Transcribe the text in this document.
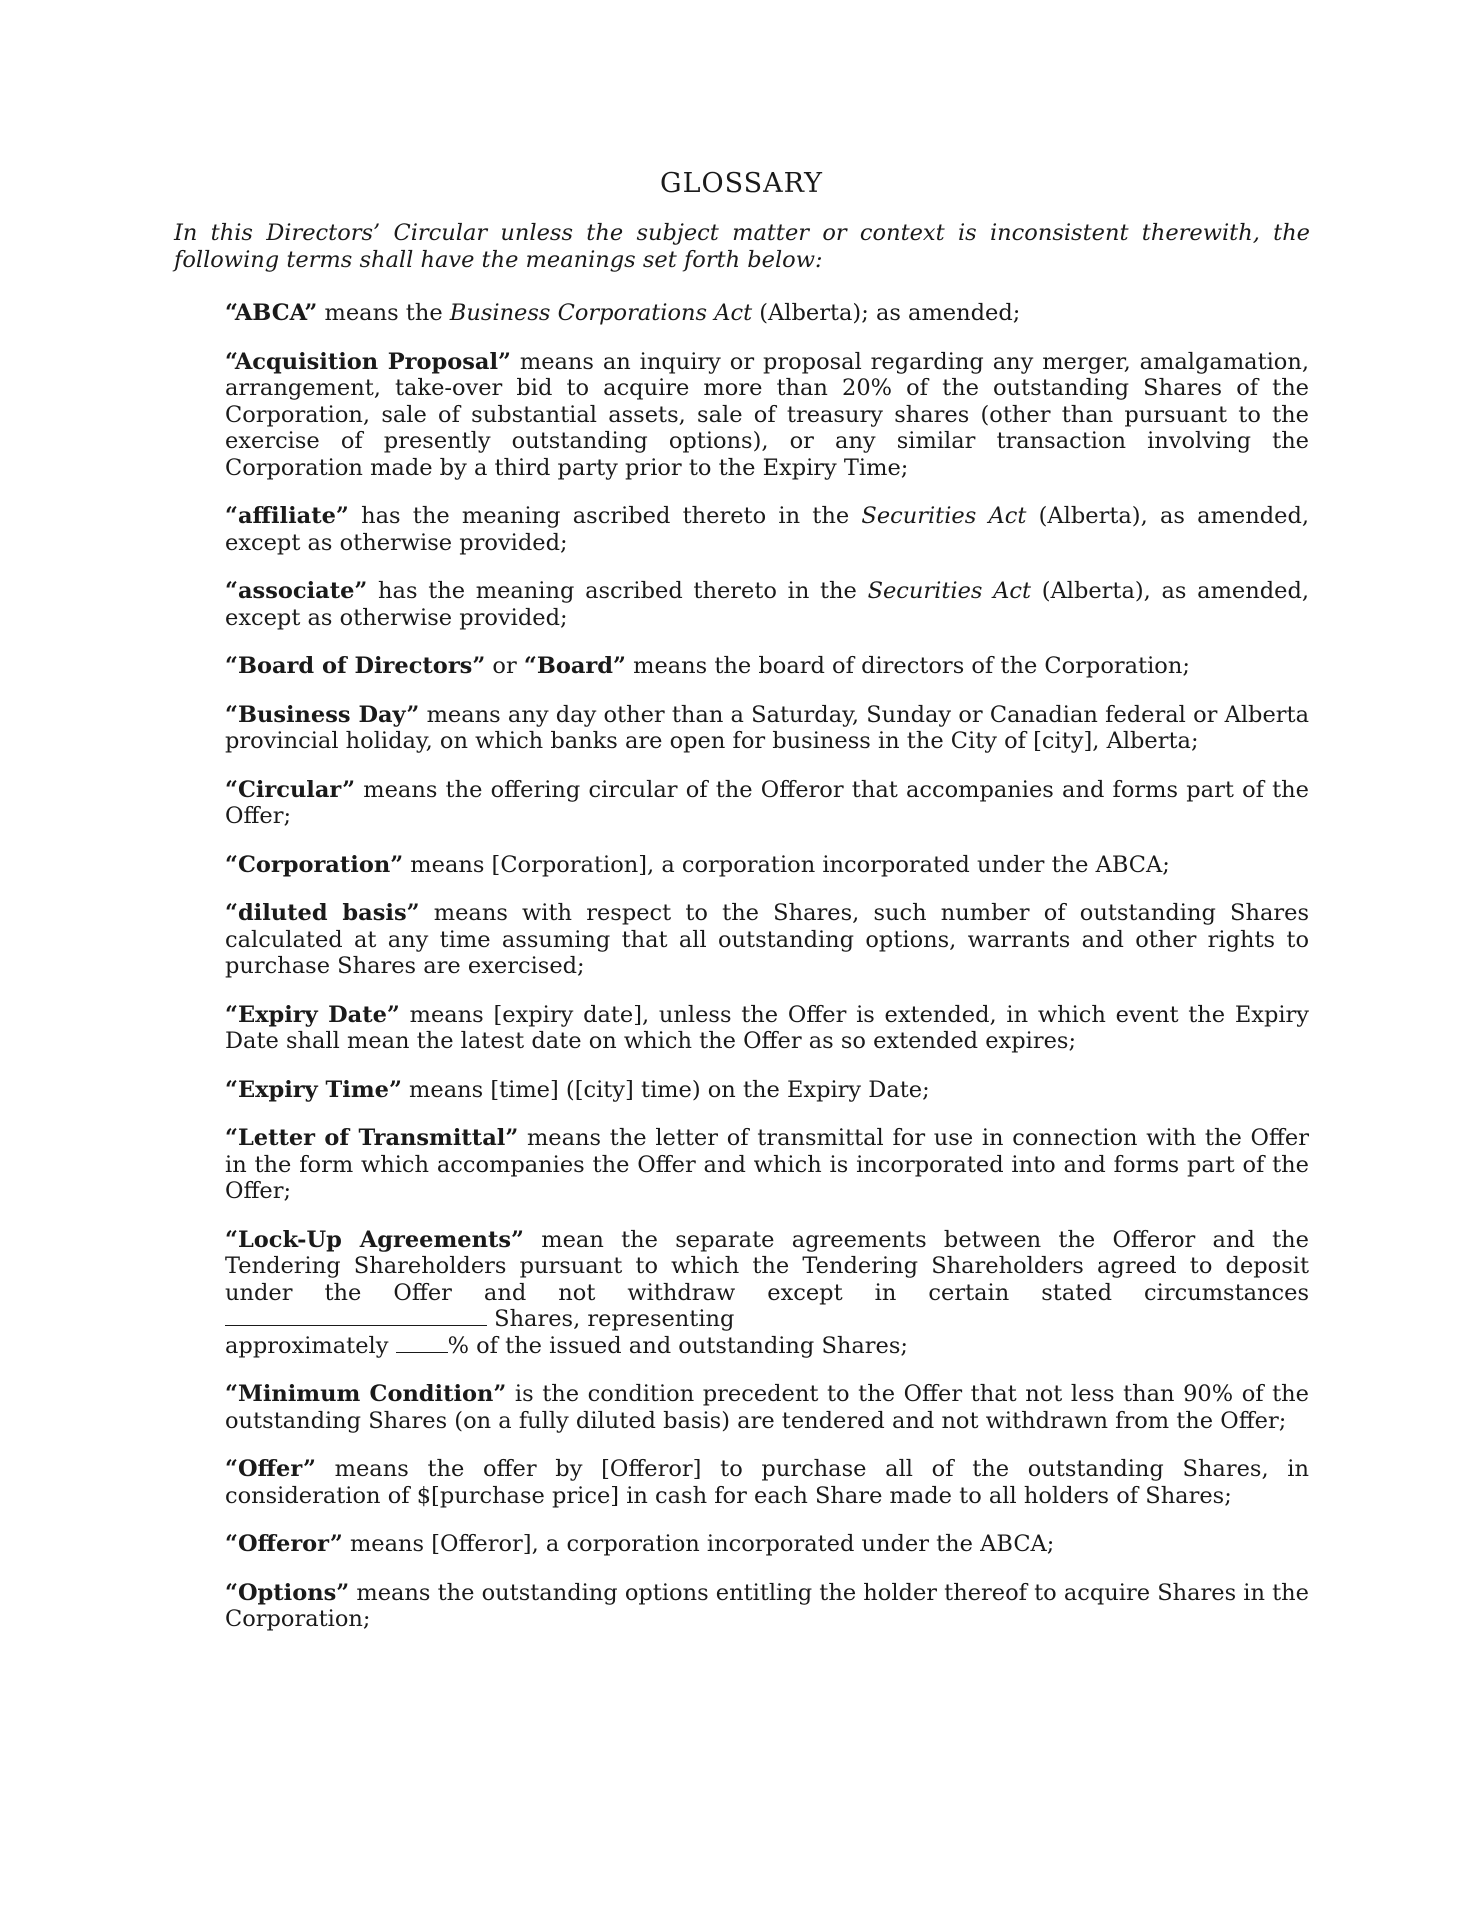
GLOSSARY
In this Directors’ Circular unless the subject matter or context is inconsistent therewith, the following terms shall have the meanings set forth below:

“ABCA” means the Business Corporations Act (Alberta); as amended;

“Acquisition Proposal” means an inquiry or proposal regarding any merger, amalgamation, arrangement, take-over bid to acquire more than 20% of the outstanding Shares of the Corporation, sale of substantial assets, sale of treasury shares (other than pursuant to the exercise of presently outstanding options), or any similar transaction involving the Corporation made by a third party prior to the Expiry Time;

“affiliate” has the meaning ascribed thereto in the Securities Act (Alberta), as amended, except as otherwise provided;

“associate” has the meaning ascribed thereto in the Securities Act (Alberta), as amended, except as otherwise provided;

“Board of Directors” or “Board” means the board of directors of the Corporation;

“Business Day” means any day other than a Saturday, Sunday or Canadian federal or Alberta provincial holiday, on which banks are open for business in the City of [city], Alberta;

“Circular” means the offering circular of the Offeror that accompanies and forms part of the Offer;

“Corporation” means [Corporation], a corporation incorporated under the ABCA;

“diluted basis” means with respect to the Shares, such number of outstanding Shares calculated at any time assuming that all outstanding options, warrants and other rights to purchase Shares are exercised;

“Expiry Date” means [expiry date], unless the Offer is extended, in which event the Expiry Date shall mean the latest date on which the Offer as so extended expires;

“Expiry Time” means [time] ([city] time) on the Expiry Date;

“Letter of Transmittal” means the letter of transmittal for use in connection with the Offer in the form which accompanies the Offer and which is incorporated into and forms part of the Offer;

“Lock-Up Agreements” mean the separate agreements between the Offeror and the Tendering Shareholders pursuant to which the Tendering Shareholders agreed to deposit under the Offer and not withdraw except in certain stated circumstances  Shares, representing
approximately % of the issued and outstanding Shares;

“Minimum Condition” is the condition precedent to the Offer that not less than 90% of the outstanding Shares (on a fully diluted basis) are tendered and not withdrawn from the Offer;

“Offer” means the offer by [Offeror] to purchase all of the outstanding Shares, in consideration of $[purchase price] in cash for each Share made to all holders of Shares;

“Offeror” means [Offeror], a corporation incorporated under the ABCA;

“Options” means the outstanding options entitling the holder thereof to acquire Shares in the Corporation;
